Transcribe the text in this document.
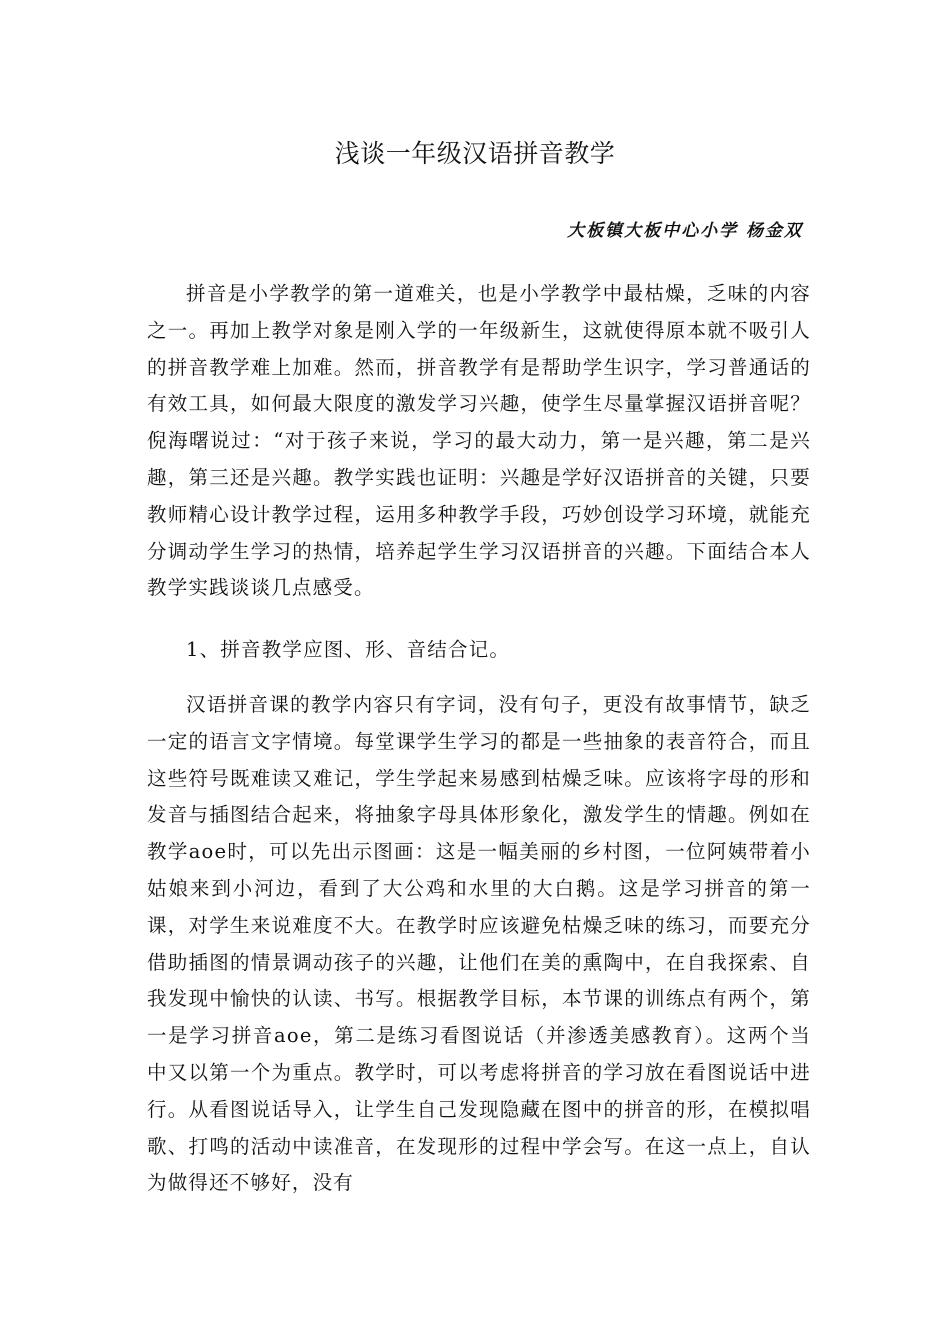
浅谈一年级汉语拼音教学

大板镇大板中心小学 杨金双

拼音是小学教学的第一道难关，也是小学教学中最枯燥，乏味的内容之一。再加上教学对象是刚入学的一年级新生，这就使得原本就不吸引人的拼音教学难上加难。然而，拼音教学有是帮助学生识字，学习普通话的有效工具，如何最大限度的激发学习兴趣，使学生尽量掌握汉语拼音呢？倪海曙说过：“对于孩子来说，学习的最大动力，第一是兴趣，第二是兴趣，第三还是兴趣。教学实践也证明：兴趣是学好汉语拼音的关键，只要教师精心设计教学过程，运用多种教学手段，巧妙创设学习环境，就能充分调动学生学习的热情，培养起学生学习汉语拼音的兴趣。下面结合本人教学实践谈谈几点感受。

1、拼音教学应图、形、音结合记。

汉语拼音课的教学内容只有字词，没有句子，更没有故事情节，缺乏一定的语言文字情境。每堂课学生学习的都是一些抽象的表音符合，而且这些符号既难读又难记，学生学起来易感到枯燥乏味。应该将字母的形和发音与插图结合起来，将抽象字母具体形象化，激发学生的情趣。例如在教学aoe时，可以先出示图画：这是一幅美丽的乡村图，一位阿姨带着小姑娘来到小河边，看到了大公鸡和水里的大白鹅。这是学习拼音的第一课，对学生来说难度不大。在教学时应该避免枯燥乏味的练习，而要充分借助插图的情景调动孩子的兴趣，让他们在美的熏陶中，在自我探索、自我发现中愉快的认读、书写。根据教学目标，本节课的训练点有两个，第一是学习拼音aoe，第二是练习看图说话（并渗透美感教育）。这两个当中又以第一个为重点。教学时，可以考虑将拼音的学习放在看图说话中进行。从看图说话导入，让学生自己发现隐藏在图中的拼音的形，在模拟唱歌、打鸣的活动中读准音，在发现形的过程中学会写。在这一点上，自认为做得还不够好，没有
